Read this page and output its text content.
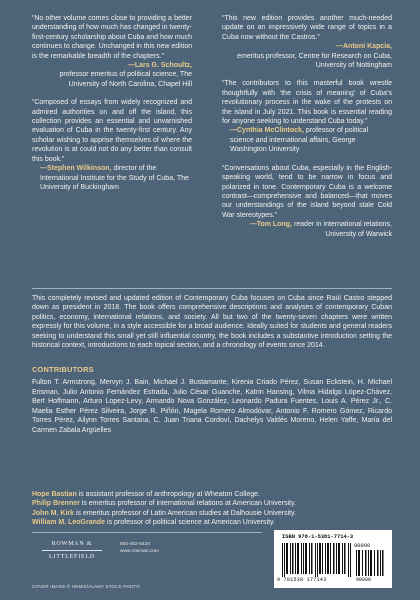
“No other volume comes close to providing a better understanding of how much has changed in twenty-first-century scholarship about Cuba and how much continues to change. Unchanged in this new edition is the remarkable breadth of the chapters.”

—Lars G. Schoultz,
professor emeritus of political science, The University of North Carolina, Chapel Hill

“Composed of essays from widely recognized and admired authorities on and off the island, this collection provides an essential and unvarnished evaluation of Cuba in the twenty-first century. Any scholar wishing to apprise themselves of where the revolution is at could not do any better than consult this book.”

—Stephen Wilkinson, director of the International Institute for the Study of Cuba, The University of Buckingham

“This new edition provides another much-needed update on an impressively wide range of topics in a Cuba now without the Castros.”

—Antoni Kapcia,
emeritus professor, Centre for Research on Cuba, University of Nottingham

“The contributors to this masterful book wrestle thoughtfully with ‘the crisis of meaning’ of Cuba’s revolutionary process in the wake of the protests on the island in July 2021. This book is essential reading for anyone seeking to understand Cuba today.”

—Cynthia McClintock, professor of political science and international affairs, George Washington University

“Conversations about Cuba, especially in the English-speaking world, tend to be narrow in focus and polarized in tone. Contemporary Cuba is a welcome contrast—comprehensive and balanced—that moves our understandings of the island beyond stale Cold War stereotypes.”

—Tom Long, reader in international relations, University of Warwick
This completely revised and updated edition of Contemporary Cuba focuses on Cuba since Raúl Castro stepped down as president in 2018. The book offers comprehensive descriptions and analyses of contemporary Cuban politics, economy, international relations, and society. All but two of the twenty-seven chapters were written expressly for this volume, in a style accessible for a broad audience. Ideally suited for students and general readers seeking to understand this small yet still influential country, the book includes a substantive introduction setting the historical context, introductions to each topical section, and a chronology of events since 2014.
CONTRIBUTORS
Fulton T. Armstrong, Mervyn J. Bain, Michael J. Bustamante, Kirenia Criado Pérez, Susan Eckstein, H. Michael Erisman, Julio Antonio Fernández Estrada, Julio César Guanche, Katrin Hansing, Vilma Hidalgo López-Chávez, Bert Hoffmann, Arturo Lopez-Levy, Armando Nova González, Leonardo Padura Fuentes, Louis A. Pérez Jr., C. Maelia Esther Pérez Silveira, Jorge R. Piñón, Magela Romero Almodóvar, Antonio F. Romero Gómez, Ricardo Torres Pérez, Ailynn Torres Santana, C. Juan Triana Cordoví, Dachelys Valdés Moreno, Helen Yaffe, María del Carmen Zabala Argüelles
Hope Bastian is assistant professor of anthropology at Wheaton College.
Philip Brenner is emeritus professor of international relations at American University.
John M. Kirk is emeritus professor of Latin American studies at Dalhousie University.
William M. LeoGrande is professor of political science at American University.
ROWMAN &
LITTLEFIELD
800-462-6420
www.rowman.com
COVER IMAGE © HEMIS/ALAMY STOCK PHOTO
ISBN 978-1-5381-7714-3
90000
9 781538 177143	90000
